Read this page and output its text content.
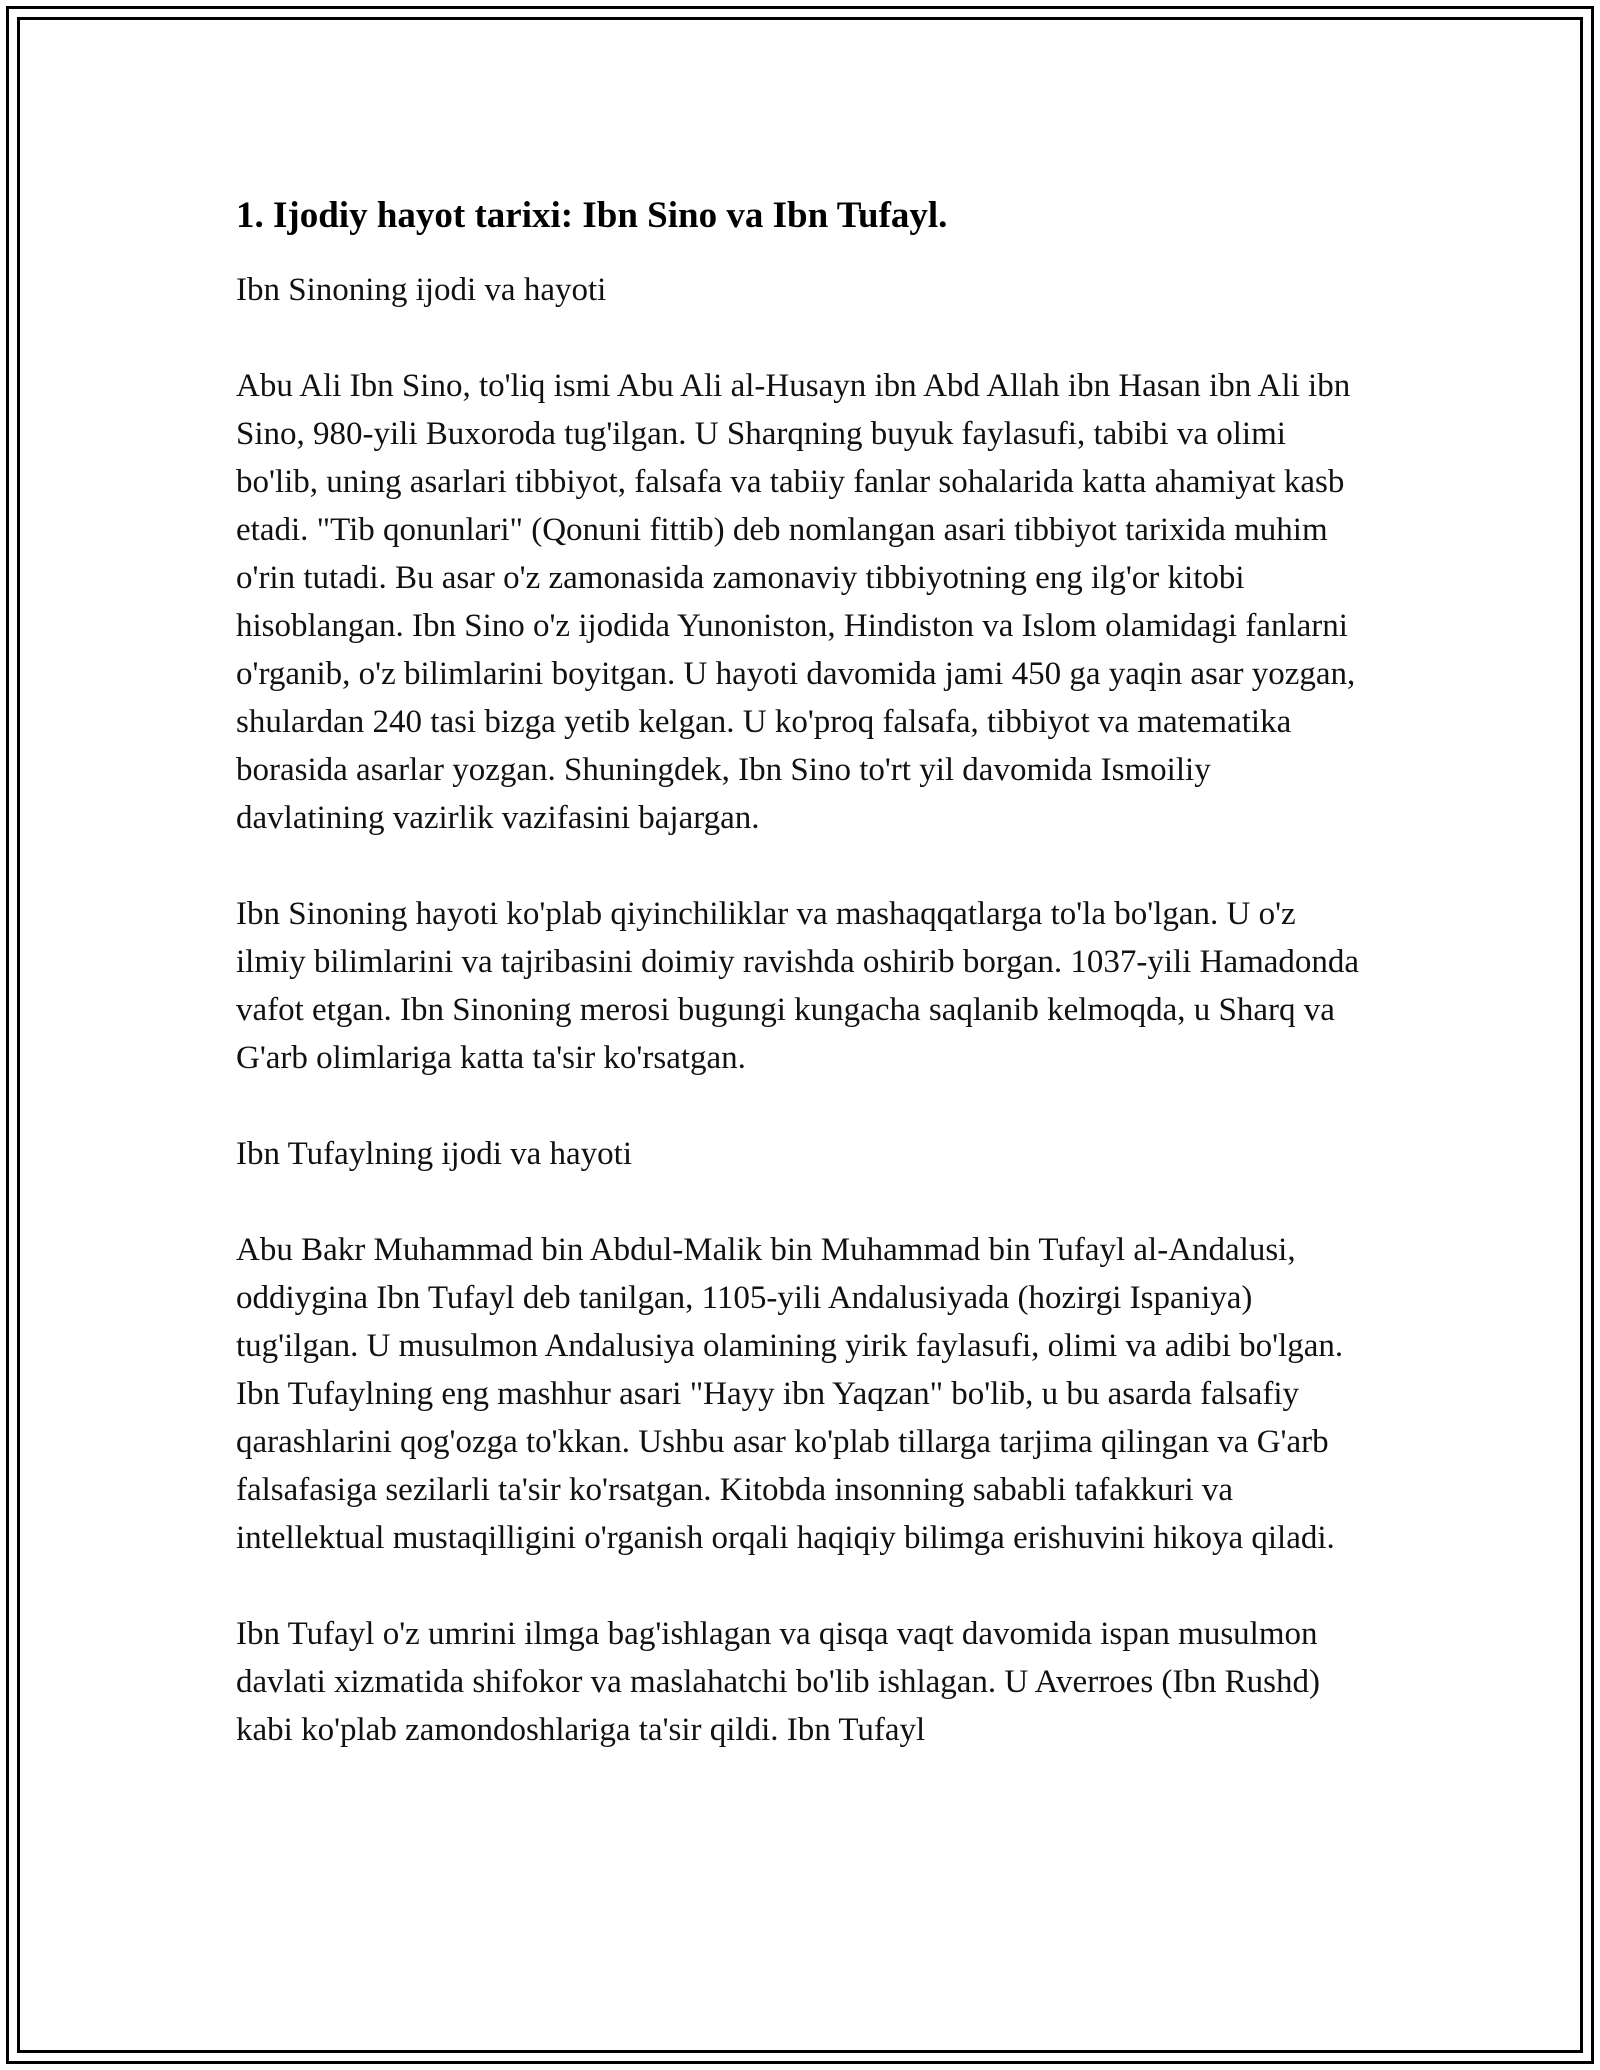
1. Ijodiy hayot tarixi: Ibn Sino va Ibn Tufayl.
Ibn Sinoning ijodi va hayoti

Abu Ali Ibn Sino, to'liq ismi Abu Ali al-Husayn ibn Abd Allah ibn Hasan ibn Ali ibn Sino, 980-yili Buxoroda tug'ilgan. U Sharqning buyuk faylasufi, tabibi va olimi bo'lib, uning asarlari tibbiyot, falsafa va tabiiy fanlar sohalarida katta ahamiyat kasb etadi. "Tib qonunlari" (Qonuni fittib) deb nomlangan asari tibbiyot tarixida muhim o'rin tutadi. Bu asar o'z zamonasida zamonaviy tibbiyotning eng ilg'or kitobi hisoblangan. Ibn Sino o'z ijodida Yunoniston, Hindiston va Islom olamidagi fanlarni o'rganib, o'z bilimlarini boyitgan. U hayoti davomida jami 450 ga yaqin asar yozgan, shulardan 240 tasi bizga yetib kelgan. U ko'proq falsafa, tibbiyot va matematika borasida asarlar yozgan. Shuningdek, Ibn Sino to'rt yil davomida Ismoiliy davlatining vazirlik vazifasini bajargan.

Ibn Sinoning hayoti ko'plab qiyinchiliklar va mashaqqatlarga to'la bo'lgan. U o'z ilmiy bilimlarini va tajribasini doimiy ravishda oshirib borgan. 1037-yili Hamadonda vafot etgan. Ibn Sinoning merosi bugungi kungacha saqlanib kelmoqda, u Sharq va G'arb olimlariga katta ta'sir ko'rsatgan.

Ibn Tufaylning ijodi va hayoti

Abu Bakr Muhammad bin Abdul-Malik bin Muhammad bin Tufayl al-Andalusi, oddiygina Ibn Tufayl deb tanilgan, 1105-yili Andalusiyada (hozirgi Ispaniya) tug'ilgan. U musulmon Andalusiya olamining yirik faylasufi, olimi va adibi bo'lgan. Ibn Tufaylning eng mashhur asari "Hayy ibn Yaqzan" bo'lib, u bu asarda falsafiy qarashlarini qog'ozga to'kkan. Ushbu asar ko'plab tillarga tarjima qilingan va G'arb falsafasiga sezilarli ta'sir ko'rsatgan. Kitobda insonning sababli tafakkuri va intellektual mustaqilligini o'rganish orqali haqiqiy bilimga erishuvini hikoya qiladi.

Ibn Tufayl o'z umrini ilmga bag'ishlagan va qisqa vaqt davomida ispan musulmon davlati xizmatida shifokor va maslahatchi bo'lib ishlagan. U Averroes (Ibn Rushd) kabi ko'plab zamondoshlariga ta'sir qildi. Ibn Tufayl
